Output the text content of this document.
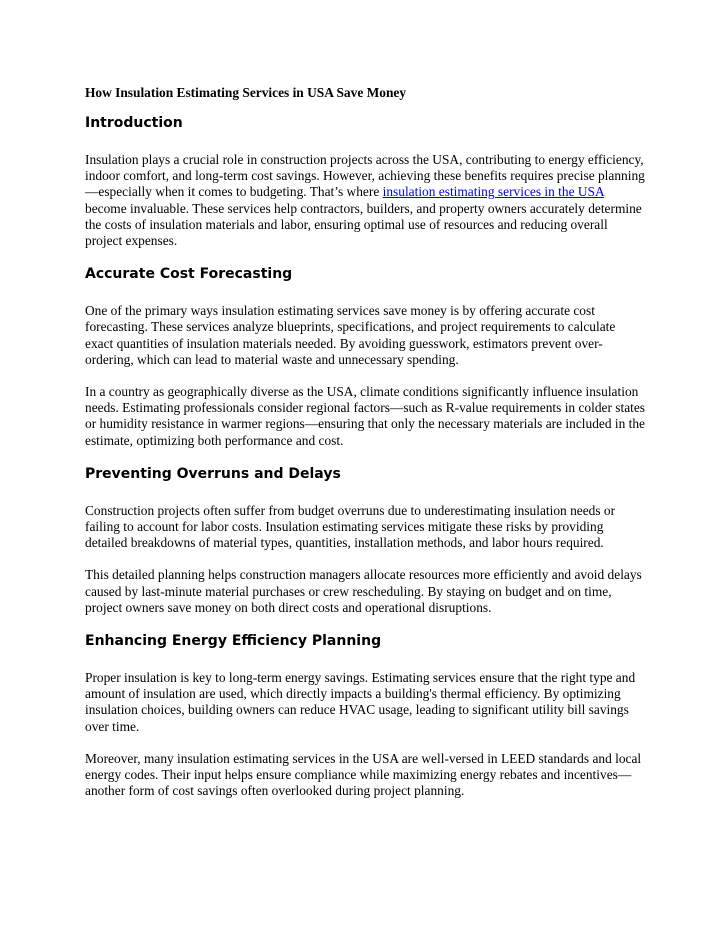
How Insulation Estimating Services in USA Save Money
Introduction

Insulation plays a crucial role in construction projects across the USA, contributing to energy efficiency, indoor comfort, and long-term cost savings. However, achieving these benefits requires precise planning—especially when it comes to budgeting. That’s where insulation estimating services in the USA become invaluable. These services help contractors, builders, and property owners accurately determine the costs of insulation materials and labor, ensuring optimal use of resources and reducing overall project expenses.

Accurate Cost Forecasting

One of the primary ways insulation estimating services save money is by offering accurate cost forecasting. These services analyze blueprints, specifications, and project requirements to calculate exact quantities of insulation materials needed. By avoiding guesswork, estimators prevent over-ordering, which can lead to material waste and unnecessary spending.

In a country as geographically diverse as the USA, climate conditions significantly influence insulation needs. Estimating professionals consider regional factors—such as R-value requirements in colder states or humidity resistance in warmer regions—ensuring that only the necessary materials are included in the estimate, optimizing both performance and cost.

Preventing Overruns and Delays

Construction projects often suffer from budget overruns due to underestimating insulation needs or failing to account for labor costs. Insulation estimating services mitigate these risks by providing detailed breakdowns of material types, quantities, installation methods, and labor hours required.

This detailed planning helps construction managers allocate resources more efficiently and avoid delays caused by last-minute material purchases or crew rescheduling. By staying on budget and on time, project owners save money on both direct costs and operational disruptions.

Enhancing Energy Efficiency Planning

Proper insulation is key to long-term energy savings. Estimating services ensure that the right type and amount of insulation are used, which directly impacts a building's thermal efficiency. By optimizing insulation choices, building owners can reduce HVAC usage, leading to significant utility bill savings over time.

Moreover, many insulation estimating services in the USA are well-versed in LEED standards and local energy codes. Their input helps ensure compliance while maximizing energy rebates and incentives—another form of cost savings often overlooked during project planning.
